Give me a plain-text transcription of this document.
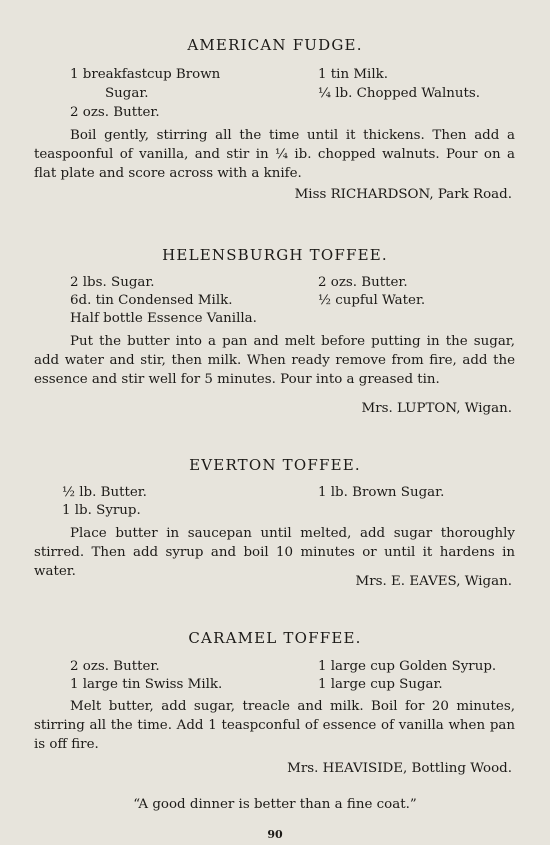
AMERICAN FUDGE.
1 breakfastcup Brown
Sugar.
2 ozs. Butter.
1 tin Milk.
¼ lb. Chopped Walnuts.
Boil gently, stirring all the time until it thickens. Then add a teaspoonful of vanilla, and stir in ¼ ib. chopped walnuts. Pour on a flat plate and score across with a knife.
Miss RICHARDSON, Park Road.
HELENSBURGH TOFFEE.
2 lbs. Sugar.
6d. tin Condensed Milk.
Half bottle Essence Vanilla.
2 ozs. Butter.
½ cupful Water.
Put the butter into a pan and melt before putting in the sugar, add water and stir, then milk. When ready remove from fire, add the essence and stir well for 5 minutes. Pour into a greased tin.
Mrs. LUPTON, Wigan.
EVERTON TOFFEE.
½ lb. Butter.
1 lb. Syrup.
1 lb. Brown Sugar.
Place butter in saucepan until melted, add sugar thoroughly stirred. Then add syrup and boil 10 minutes or until it hardens in water.
Mrs. E. EAVES, Wigan.
CARAMEL TOFFEE.
2 ozs. Butter.
1 large tin Swiss Milk.
1 large cup Golden Syrup.
1 large cup Sugar.
Melt butter, add sugar, treacle and milk. Boil for 20 minutes, stirring all the time. Add 1 teaspconful of essence of vanilla when pan is off fire.
Mrs. HEAVISIDE, Bottling Wood.
“A good dinner is better than a fine coat.”
90
